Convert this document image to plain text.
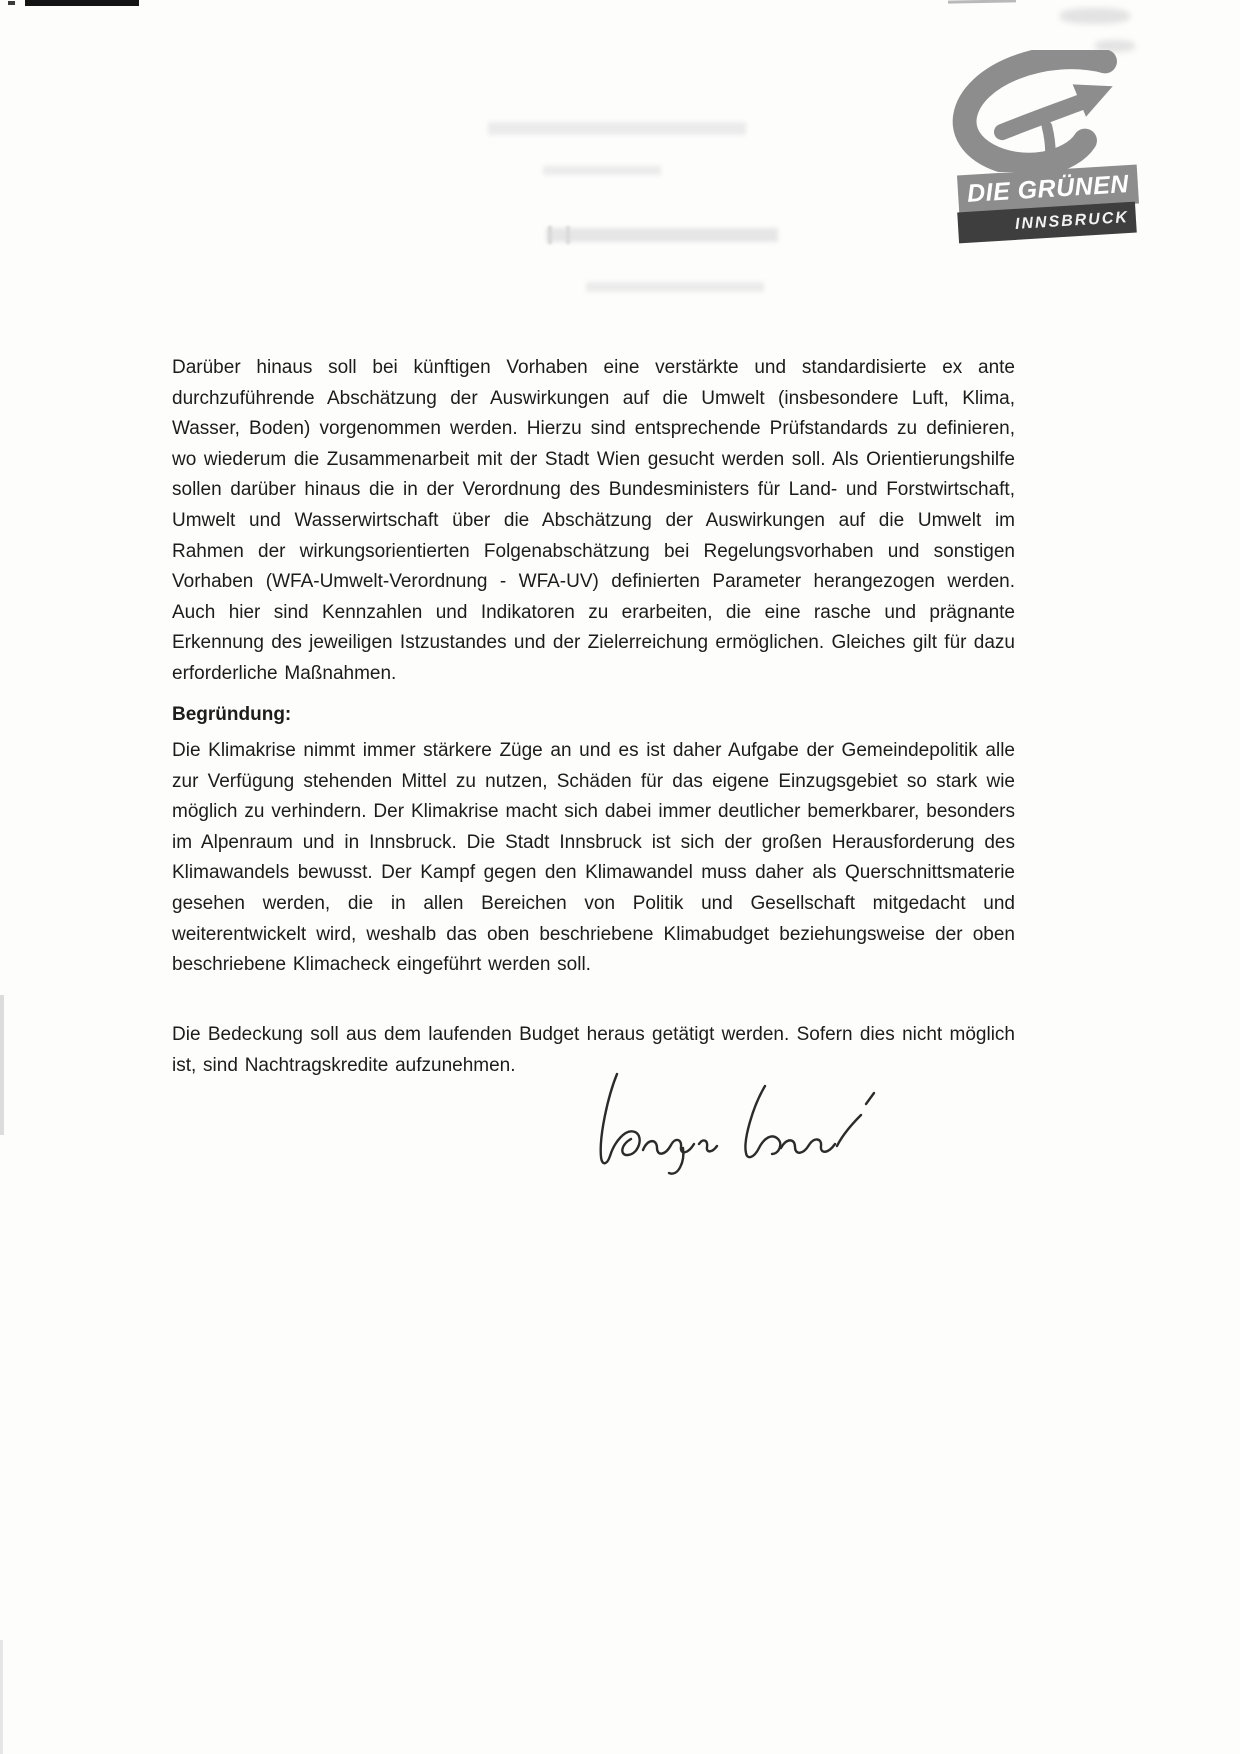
DIE GRÜNEN
INNSBRUCK

Darüber hinaus soll bei künftigen Vorhaben eine verstärkte und standardisierte ex ante durchzuführende Abschätzung der Auswirkungen auf die Umwelt (insbesondere Luft, Klima, Wasser, Boden) vorgenommen werden. Hierzu sind entsprechende Prüfstandards zu definieren, wo wiederum die Zusammenarbeit mit der Stadt Wien gesucht werden soll. Als Orientierungshilfe sollen darüber hinaus die in der Verordnung des Bundesministers für Land- und Forstwirtschaft, Umwelt und Wasserwirtschaft über die Abschätzung der Auswirkungen auf die Umwelt im Rahmen der wirkungsorientierten Folgenabschätzung bei Regelungsvorhaben und sonstigen Vorhaben (WFA-Umwelt-Verordnung - WFA-UV) definierten Parameter herangezogen werden. Auch hier sind Kennzahlen und Indikatoren zu erarbeiten, die eine rasche und prägnante Erkennung des jeweiligen Istzustandes und der Zielerreichung ermöglichen. Gleiches gilt für dazu erforderliche Maßnahmen.

Begründung:

Die Klimakrise nimmt immer stärkere Züge an und es ist daher Aufgabe der Gemeindepolitik alle zur Verfügung stehenden Mittel zu nutzen, Schäden für das eigene Einzugsgebiet so stark wie möglich zu verhindern. Der Klimakrise macht sich dabei immer deutlicher bemerkbarer, besonders im Alpenraum und in Innsbruck. Die Stadt Innsbruck ist sich der großen Herausforderung des Klimawandels bewusst. Der Kampf gegen den Klimawandel muss daher als Querschnittsmaterie gesehen werden, die in allen Bereichen von Politik und Gesellschaft mitgedacht und weiterentwickelt wird, weshalb das oben beschriebene Klimabudget beziehungsweise der oben beschriebene Klimacheck eingeführt werden soll.

Die Bedeckung soll aus dem laufenden Budget heraus getätigt werden. Sofern dies nicht möglich ist, sind Nachtragskredite aufzunehmen.
